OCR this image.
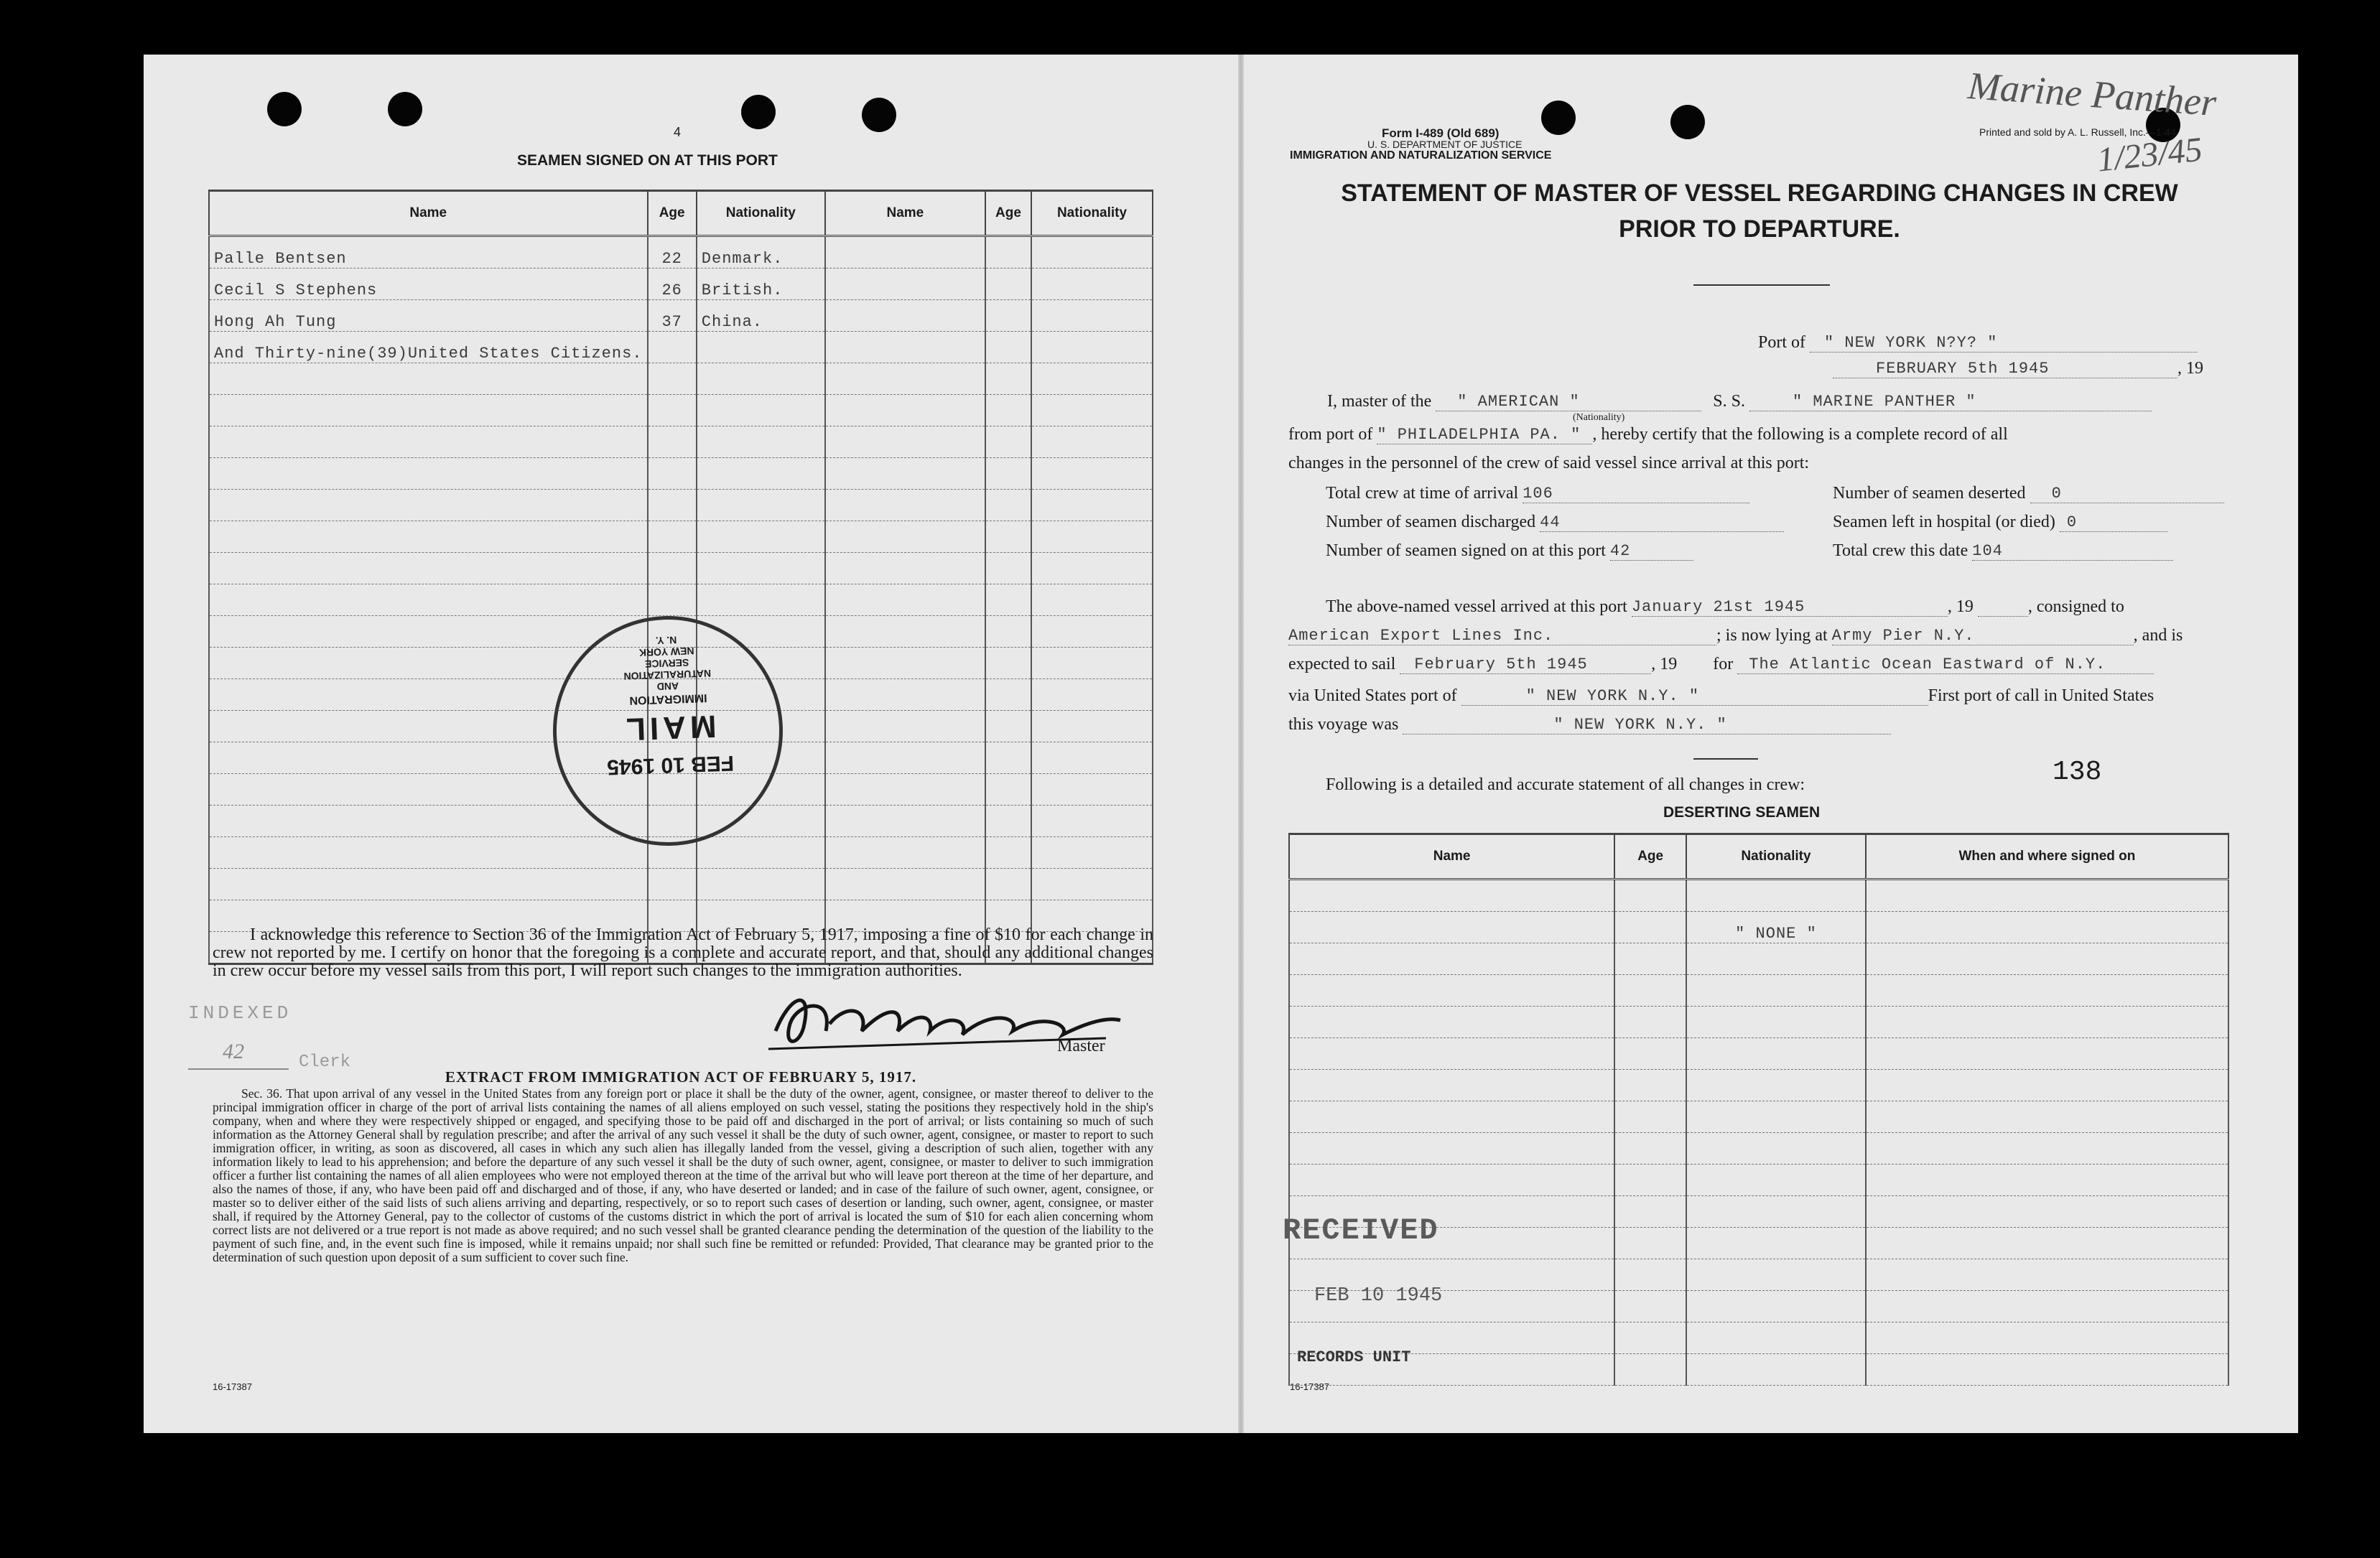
4
SEAMEN SIGNED ON AT THIS PORT
Name	Age	Nationality	Name	Age	Nationality
Palle Bentsen	22	Denmark.			
Cecil S Stephens	26	British.			
Hong Ah Tung	37	China.			
And Thirty-nine(39)United States Citizens.					

MAIL
FEB 10 1945
IMMIGRATION
AND
NATURALIZATION
SERVICE
NEW YORK
N. Y.
I acknowledge this reference to Section 36 of the Immigration Act of February 5, 1917, imposing a fine of $10 for each change in crew not reported by me. I certify on honor that the foregoing is a complete and accurate report, and that, should any additional changes in crew occur before my vessel sails from this port, I will report such changes to the immigration authorities.
INDEXED
42	Clerk
Master
EXTRACT FROM IMMIGRATION ACT OF FEBRUARY 5, 1917.
Sec. 36. That upon arrival of any vessel in the United States from any foreign port or place it shall be the duty of the owner, agent, consignee, or master thereof to deliver to the principal immigration officer in charge of the port of arrival lists containing the names of all aliens employed on such vessel, stating the positions they respectively hold in the ship's company, when and where they were respectively shipped or engaged, and specifying those to be paid off and discharged in the port of arrival; or lists containing so much of such information as the Attorney General shall by regulation prescribe; and after the arrival of any such vessel it shall be the duty of such owner, agent, consignee, or master to report to such immigration officer, in writing, as soon as discovered, all cases in which any such alien has illegally landed from the vessel, giving a description of such alien, together with any information likely to lead to his apprehension; and before the departure of any such vessel it shall be the duty of such owner, agent, consignee, or master to deliver to such immigration officer a further list containing the names of all alien employees who were not employed thereon at the time of the arrival but who will leave port thereon at the time of her departure, and also the names of those, if any, who have been paid off and discharged and of those, if any, who have deserted or landed; and in case of the failure of such owner, agent, consignee, or master so to deliver either of the said lists of such aliens arriving and departing, respectively, or so to report such cases of desertion or landing, such owner, agent, consignee, or master shall, if required by the Attorney General, pay to the collector of customs of the customs district in which the port of arrival is located the sum of $10 for each alien concerning whom correct lists are not delivered or a true report is not made as above required; and no such vessel shall be granted clearance pending the determination of the question of the liability to the payment of such fine, and, in the event such fine is imposed, while it remains unpaid; nor shall such fine be remitted or refunded: Provided, That clearance may be granted prior to the determination of such question upon deposit of a sum sufficient to cover such fine.
16-17387
Form I-489 (Old 689)
U. S. DEPARTMENT OF JUSTICE
IMMIGRATION AND NATURALIZATION SERVICE
Printed and sold by A. L. Russell, Inc.—1-44
Marine Panther
1/23/45
STATEMENT OF MASTER OF VESSEL REGARDING CHANGES IN CREW
PRIOR TO DEPARTURE.
Port of " NEW YORK N?Y? "
FEBRUARY 5th 1945	, 19
I, master of the " AMERICAN "	S. S.	" MARINE PANTHER "
(Nationality)
from port of " PHILADELPHIA PA. " , hereby certify that the following is a complete record of all
changes in the personnel of the crew of said vessel since arrival at this port:
Total crew at time of arrival 106	Number of seamen deserted 0
Number of seamen discharged 44	Seamen left in hospital (or died) 0
Number of seamen signed on at this port 42	Total crew this date 104
The above-named vessel arrived at this port January 21st 1945	, 19	, consigned to
American Export Lines Inc.	; is now lying at Army Pier N.Y.	, and is
expected to sail February 5th 1945	, 19 for The Atlantic Ocean Eastward of N.Y.
via United States port of	" NEW YORK N.Y. "	First port of call in United States
this voyage was	" NEW YORK N.Y. "
Following is a detailed and accurate statement of all changes in crew:	138
DESERTING SEAMEN
Name	Age	Nationality	When and where signed on

		" NONE "	

RECEIVED
FEB 10 1945
RECORDS UNIT
16-17387
